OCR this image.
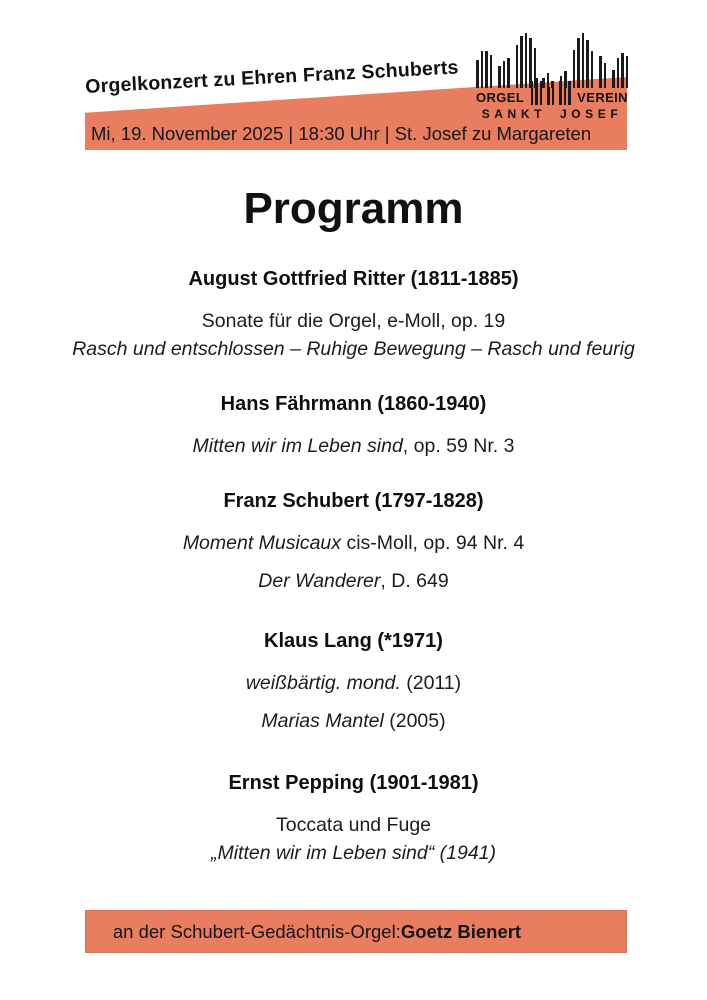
Orgelkonzert zu Ehren Franz Schuberts
Mi, 19. November 2025 | 18:30 Uhr | St. Josef zu Margareten
ORGEL	VEREIN
SANKT JOSEF
Programm
August Gottfried Ritter (1811-1885)
Sonate für die Orgel, e-Moll, op. 19
Rasch und entschlossen – Ruhige Bewegung – Rasch und feurig
Hans Fährmann (1860-1940)
Mitten wir im Leben sind, op. 59 Nr. 3
Franz Schubert (1797-1828)
Moment Musicaux cis-Moll, op. 94 Nr. 4
Der Wanderer, D. 649
Klaus Lang (*1971)
weißbärtig. mond. (2011)
Marias Mantel (2005)
Ernst Pepping (1901-1981)
Toccata und Fuge
„Mitten wir im Leben sind“ (1941)
an der Schubert-Gedächtnis-Orgel: Goetz Bienert
